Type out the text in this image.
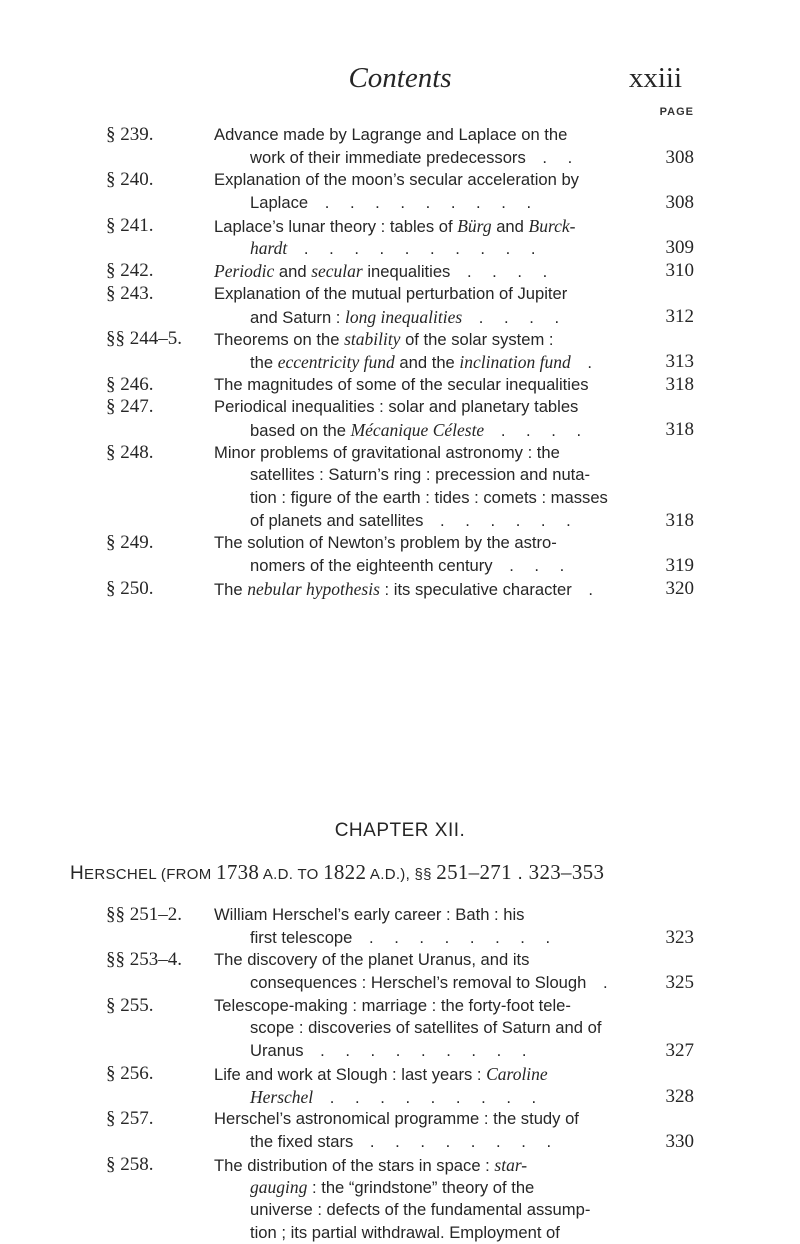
Contents	xxiii
PAGE
§ 239.	Advance made by Lagrange and Laplace on the
work of their immediate predecessors  . .	308
§ 240.	Explanation of the moon’s secular acceleration by
Laplace  . . . . . . . . .	308
§ 241.	Laplace’s lunar theory : tables of Bürg and Burck-
hardt  . . . . . . . . . .	309
§ 242.	Periodic and secular inequalities  . . . .	310
§ 243.	Explanation of the mutual perturbation of Jupiter
and Saturn : long inequalities  . . . .	312
§§ 244–5. Theorems on the stability of the solar system :
the eccentricity fund and the inclination fund  .	313
§ 246.	The magnitudes of some of the secular inequalities	318
§ 247.	Periodical inequalities : solar and planetary tables
based on the Mécanique Céleste  . . . .	318
§ 248.	Minor problems of gravitational astronomy : the
satellites : Saturn’s ring : precession and nuta-
tion : figure of the earth : tides : comets : masses
of planets and satellites  . . . . . .	318
§ 249.	The solution of Newton’s problem by the astro-
nomers of the eighteenth century  . . .	319
§ 250.	The nebular hypothesis : its speculative character  .	320
CHAPTER XII.
HERSCHEL (FROM 1738 A.D. TO 1822 A.D.), §§ 251–271 . 323–353
§§ 251–2. William Herschel’s early career : Bath : his
first telescope  . . . . . . . .	323
§§ 253–4. The discovery of the planet Uranus, and its
consequences : Herschel’s removal to Slough  .	325
§ 255.	Telescope-making : marriage : the forty-foot tele-
scope : discoveries of satellites of Saturn and of
Uranus  . . . . . . . . .	327
§ 256.	Life and work at Slough : last years : Caroline
Herschel  . . . . . . . . .	328
§ 257.	Herschel’s astronomical programme : the study of
the fixed stars  . . . . . . . .	330
§ 258.	The distribution of the stars in space : star-
gauging : the “grindstone” theory of the
universe : defects of the fundamental assump-
tion ; its partial withdrawal. Employment of
